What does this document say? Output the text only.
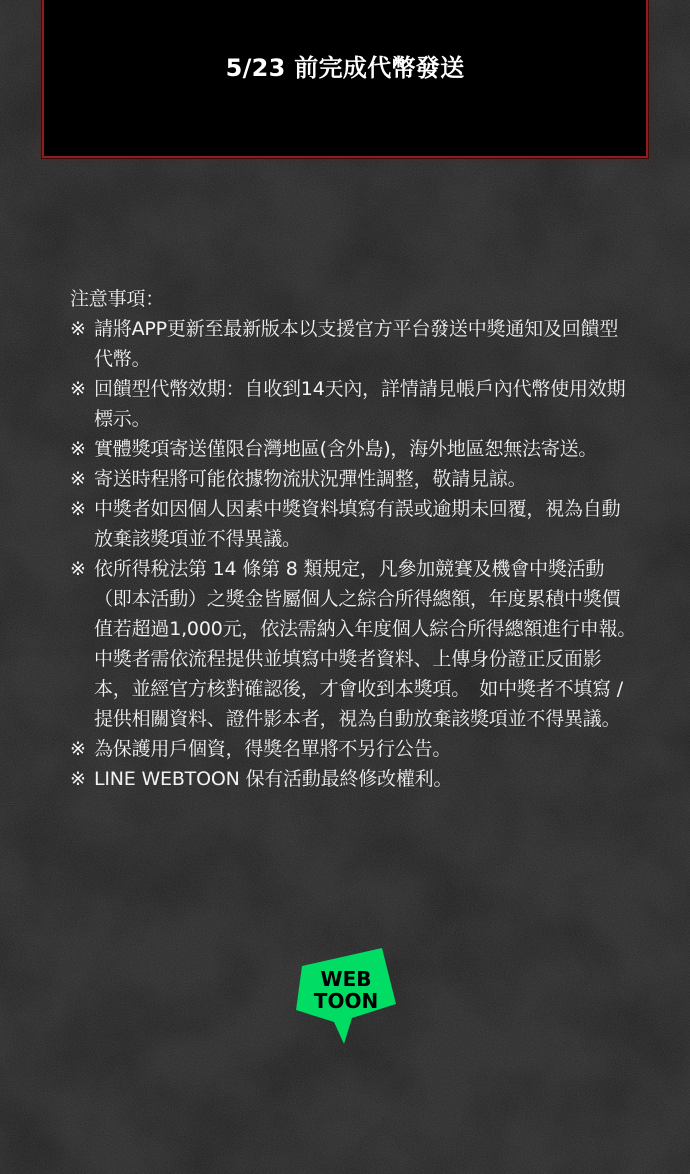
5/23 前完成代幣發送
注意事項：
※ 請將APP更新至最新版本以支援官方平台發送中獎通知及回饋型代幣。
※ 回饋型代幣效期：自收到14天內，詳情請見帳戶內代幣使用效期標示。
※ 實體獎項寄送僅限台灣地區(含外島)，海外地區恕無法寄送。
※ 寄送時程將可能依據物流狀況彈性調整，敬請見諒。
※ 中獎者如因個人因素中獎資料填寫有誤或逾期未回覆，視為自動放棄該獎項並不得異議。
※ 依所得稅法第 14 條第 8 類規定，凡參加競賽及機會中獎活動（即本活動）之獎金皆屬個人之綜合所得總額，年度累積中獎價值若超過1,000元，依法需納入年度個人綜合所得總額進行申報。　中獎者需依流程提供並填寫中獎者資料、上傳身份證正反面影本，並經官方核對確認後，才會收到本獎項。　如中獎者不填寫 / 提供相關資料、證件影本者，視為自動放棄該獎項並不得異議。
※ 為保護用戶個資，得獎名單將不另行公告。
※ LINE WEBTOON 保有活動最終修改權利。
WEB
TOON
